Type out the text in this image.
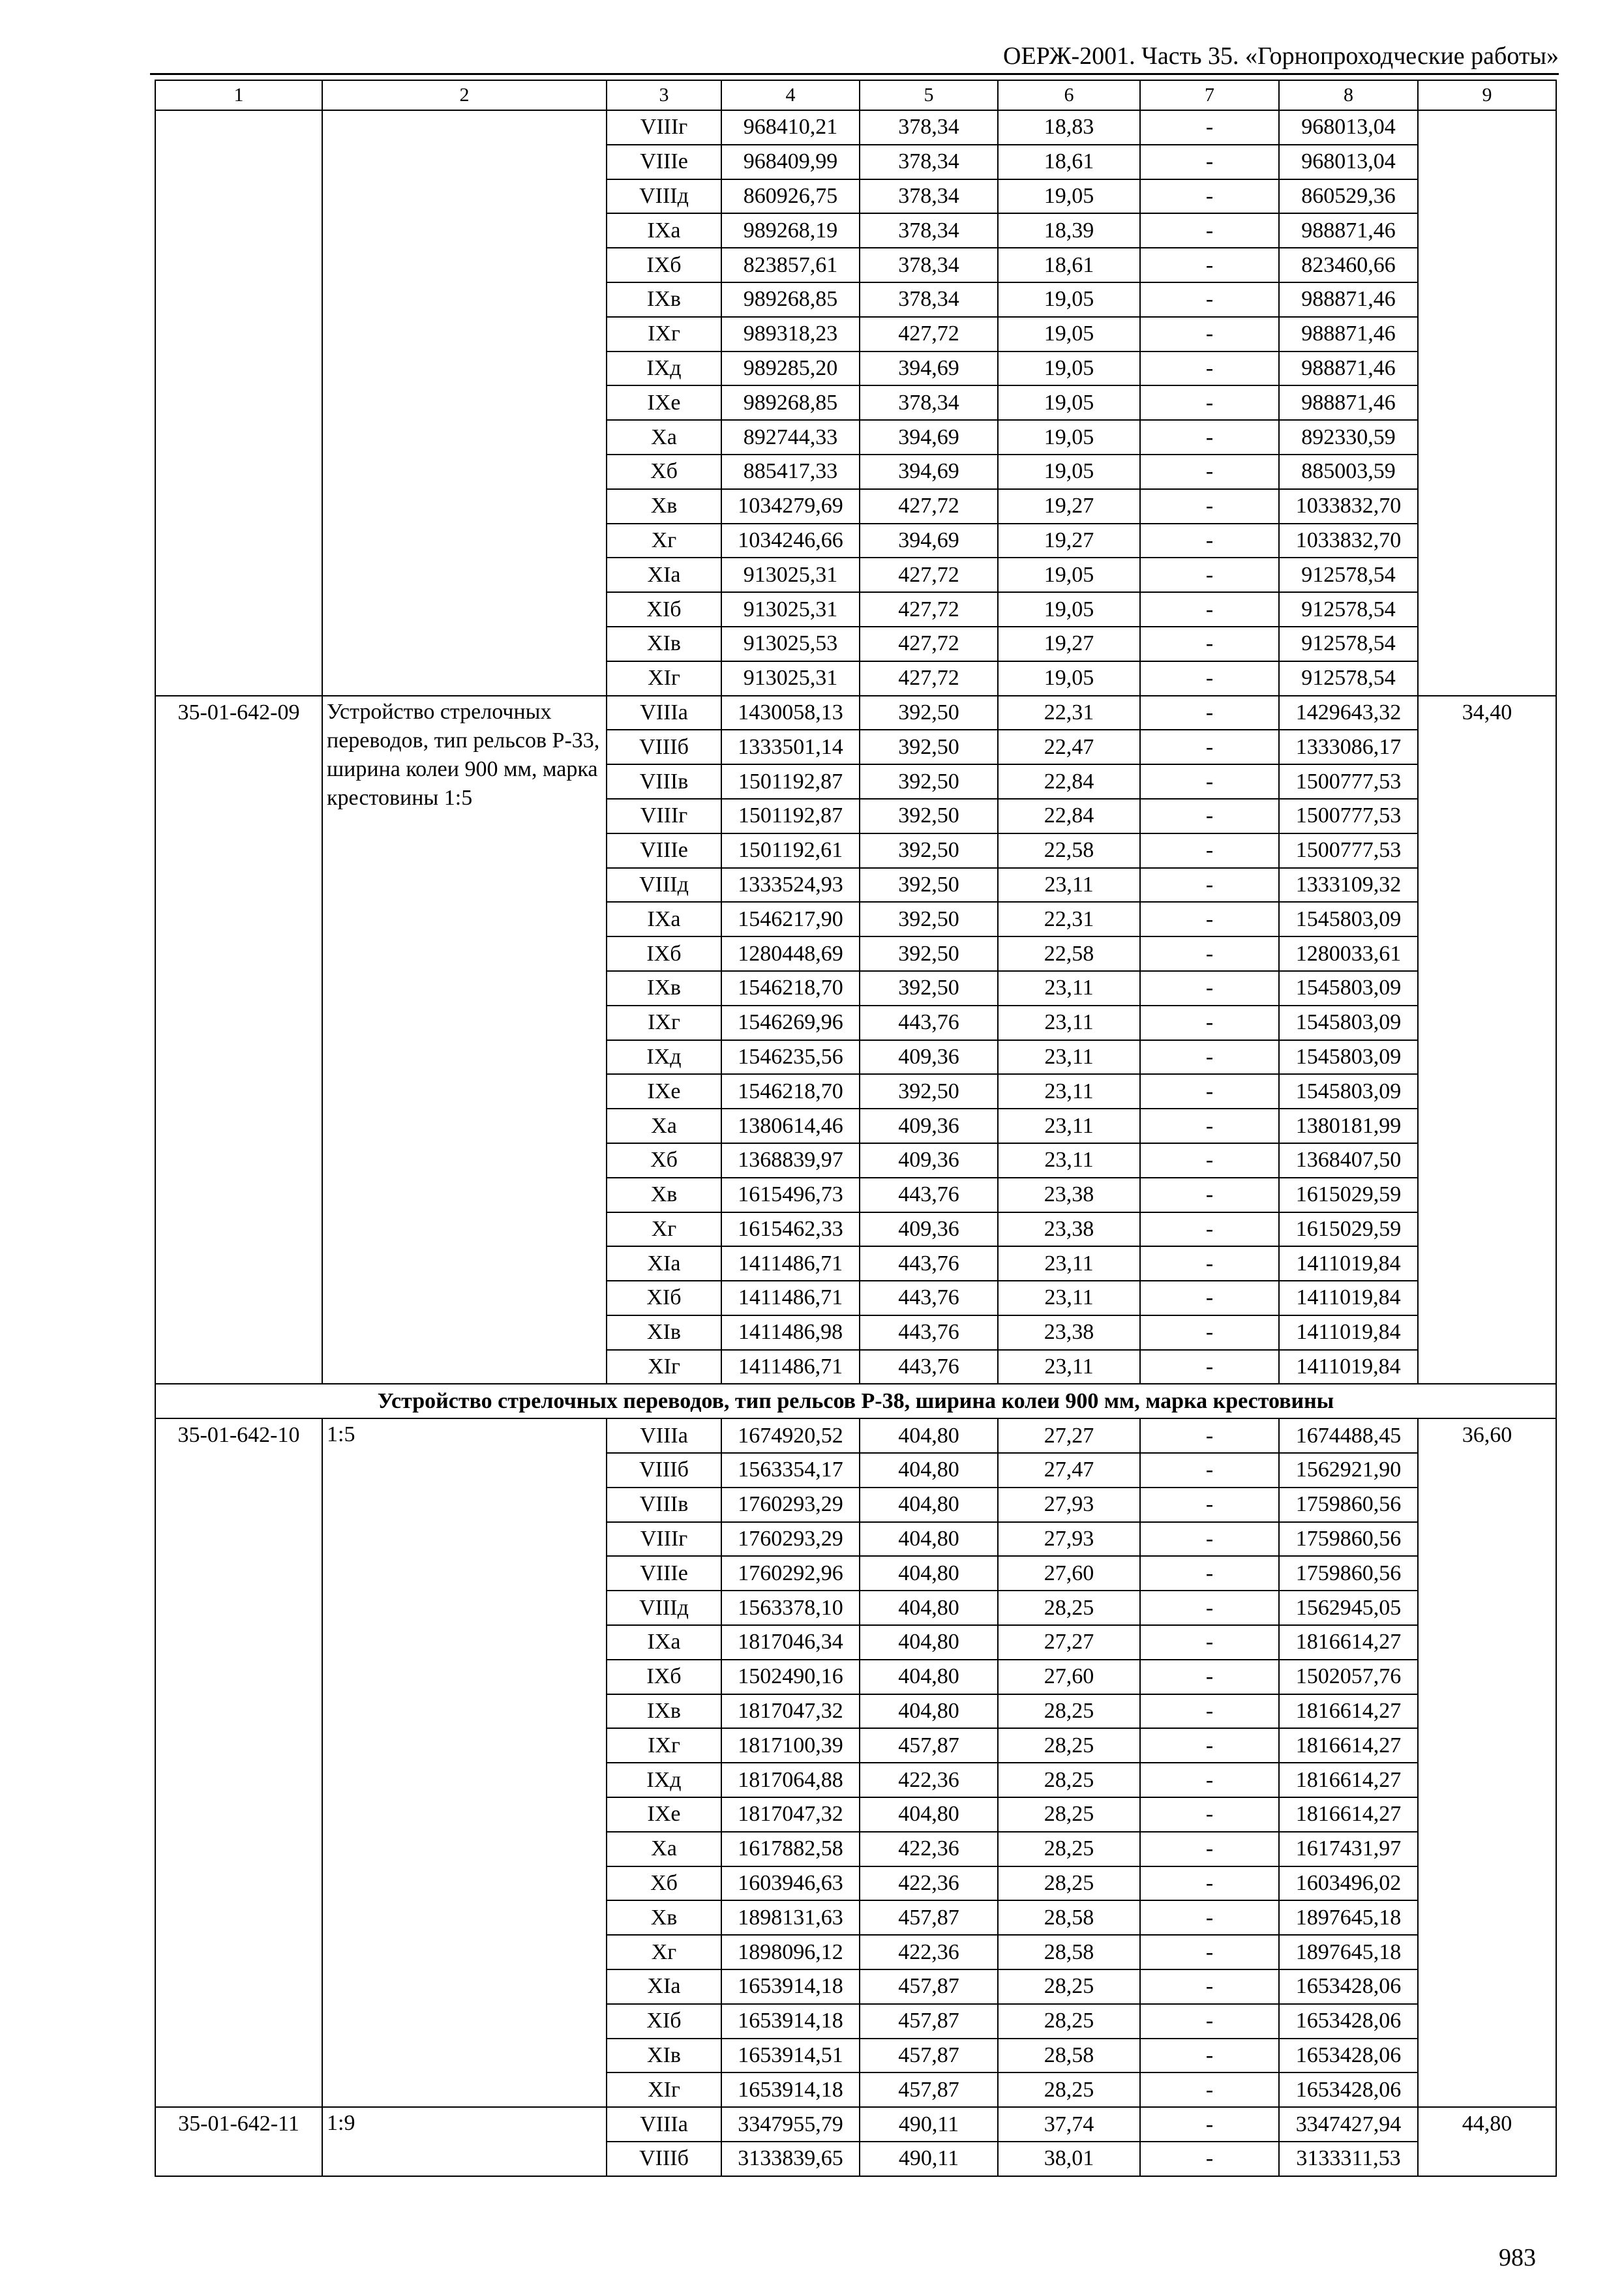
ОЕРЖ-2001. Часть 35. «Горнопроходческие работы»
1	2	3	4	5	6	7	8	9
		VIIIг	968410,21	378,34	18,83	-	968013,04	
		VIIIе	968409,99	378,34	18,61	-	968013,04	
		VIIIд	860926,75	378,34	19,05	-	860529,36	
		IXа	989268,19	378,34	18,39	-	988871,46	
		IXб	823857,61	378,34	18,61	-	823460,66	
		IXв	989268,85	378,34	19,05	-	988871,46	
		IXг	989318,23	427,72	19,05	-	988871,46	
		IXд	989285,20	394,69	19,05	-	988871,46	
		IXе	989268,85	378,34	19,05	-	988871,46	
		Xа	892744,33	394,69	19,05	-	892330,59	
		Xб	885417,33	394,69	19,05	-	885003,59	
		Xв	1034279,69	427,72	19,27	-	1033832,70	
		Xг	1034246,66	394,69	19,27	-	1033832,70	
		XIа	913025,31	427,72	19,05	-	912578,54	
		XIб	913025,31	427,72	19,05	-	912578,54	
		XIв	913025,53	427,72	19,27	-	912578,54	
		XIг	913025,31	427,72	19,05	-	912578,54	
35-01-642-09	Устройство стрелочных переводов, тип рельсов Р-33, ширина колеи 900 мм, марка крестовины 1:5	VIIIа	1430058,13	392,50	22,31	-	1429643,32	34,40
		VIIIб	1333501,14	392,50	22,47	-	1333086,17	
		VIIIв	1501192,87	392,50	22,84	-	1500777,53	
		VIIIг	1501192,87	392,50	22,84	-	1500777,53	
		VIIIе	1501192,61	392,50	22,58	-	1500777,53	
		VIIIд	1333524,93	392,50	23,11	-	1333109,32	
		IXа	1546217,90	392,50	22,31	-	1545803,09	
		IXб	1280448,69	392,50	22,58	-	1280033,61	
		IXв	1546218,70	392,50	23,11	-	1545803,09	
		IXг	1546269,96	443,76	23,11	-	1545803,09	
		IXд	1546235,56	409,36	23,11	-	1545803,09	
		IXе	1546218,70	392,50	23,11	-	1545803,09	
		Xа	1380614,46	409,36	23,11	-	1380181,99	
		Xб	1368839,97	409,36	23,11	-	1368407,50	
		Xв	1615496,73	443,76	23,38	-	1615029,59	
		Xг	1615462,33	409,36	23,38	-	1615029,59	
		XIа	1411486,71	443,76	23,11	-	1411019,84	
		XIб	1411486,71	443,76	23,11	-	1411019,84	
		XIв	1411486,98	443,76	23,38	-	1411019,84	
		XIг	1411486,71	443,76	23,11	-	1411019,84	
Устройство стрелочных переводов, тип рельсов Р-38, ширина колеи 900 мм, марка крестовины								
35-01-642-10	1:5	VIIIа	1674920,52	404,80	27,27	-	1674488,45	36,60
		VIIIб	1563354,17	404,80	27,47	-	1562921,90	
		VIIIв	1760293,29	404,80	27,93	-	1759860,56	
		VIIIг	1760293,29	404,80	27,93	-	1759860,56	
		VIIIе	1760292,96	404,80	27,60	-	1759860,56	
		VIIIд	1563378,10	404,80	28,25	-	1562945,05	
		IXа	1817046,34	404,80	27,27	-	1816614,27	
		IXб	1502490,16	404,80	27,60	-	1502057,76	
		IXв	1817047,32	404,80	28,25	-	1816614,27	
		IXг	1817100,39	457,87	28,25	-	1816614,27	
		IXд	1817064,88	422,36	28,25	-	1816614,27	
		IXе	1817047,32	404,80	28,25	-	1816614,27	
		Xа	1617882,58	422,36	28,25	-	1617431,97	
		Xб	1603946,63	422,36	28,25	-	1603496,02	
		Xв	1898131,63	457,87	28,58	-	1897645,18	
		Xг	1898096,12	422,36	28,58	-	1897645,18	
		XIа	1653914,18	457,87	28,25	-	1653428,06	
		XIб	1653914,18	457,87	28,25	-	1653428,06	
		XIв	1653914,51	457,87	28,58	-	1653428,06	
		XIг	1653914,18	457,87	28,25	-	1653428,06	
35-01-642-11	1:9	VIIIа	3347955,79	490,11	37,74	-	3347427,94	44,80
		VIIIб	3133839,65	490,11	38,01	-	3133311,53	
983
